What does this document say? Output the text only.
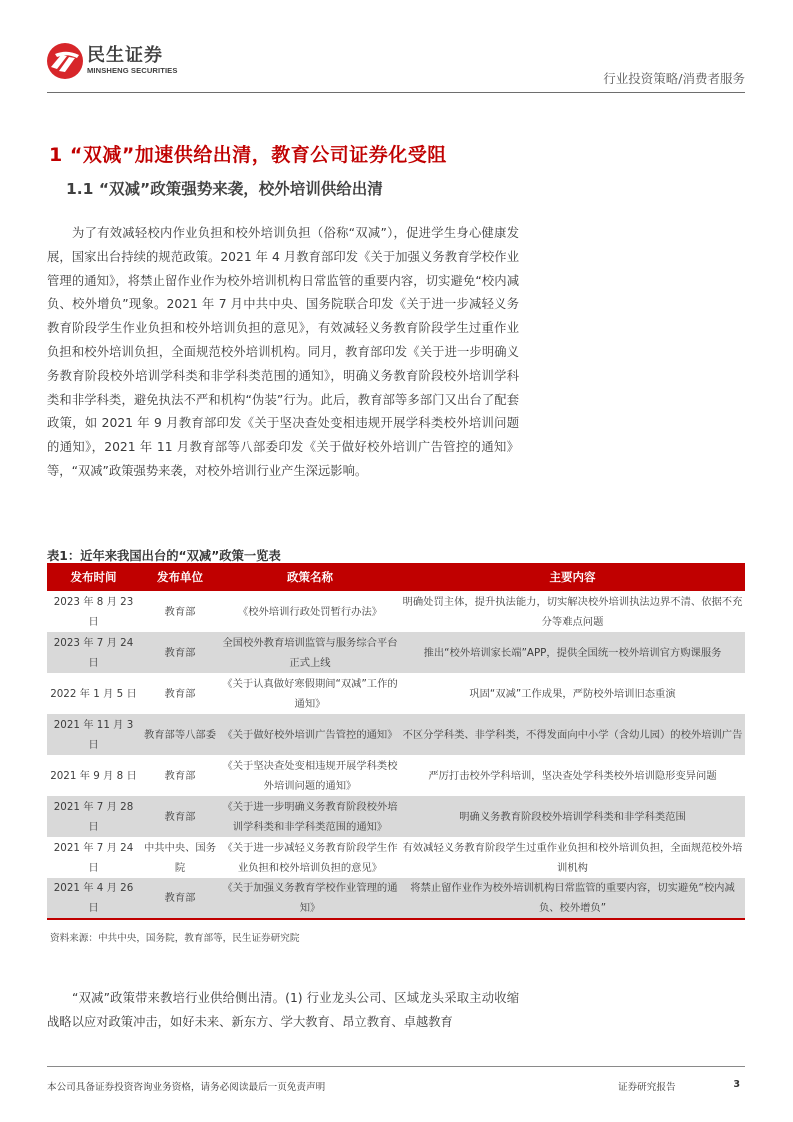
民生证券
MINSHENG SECURITIES
行业投资策略/消费者服务
1 “双减”加速供给出清，教育公司证券化受阻
1.1 “双减”政策强势来袭，校外培训供给出清

为了有效减轻校内作业负担和校外培训负担（俗称“双减”），促进学生身心健康发展，国家出台持续的规范政策。2021 年 4 月教育部印发《关于加强义务教育学校作业管理的通知》，将禁止留作业作为校外培训机构日常监管的重要内容，切实避免“校内减负、校外增负”现象。2021 年 7 月中共中央、国务院联合印发《关于进一步减轻义务教育阶段学生作业负担和校外培训负担的意见》，有效减轻义务教育阶段学生过重作业负担和校外培训负担，全面规范校外培训机构。同月，教育部印发《关于进一步明确义务教育阶段校外培训学科类和非学科类范围的通知》，明确义务教育阶段校外培训学科类和非学科类，避免执法不严和机构“伪装”行为。此后，教育部等多部门又出台了配套政策，如 2021 年 9 月教育部印发《关于坚决查处变相违规开展学科类校外培训问题的通知》，2021 年 11 月教育部等八部委印发《关于做好校外培训广告管控的通知》等，“双减”政策强势来袭，对校外培训行业产生深远影响。

表1：近年来我国出台的“双减”政策一览表
发布时间	发布单位	政策名称	主要内容
2023 年 8 月 23 日	教育部	《校外培训行政处罚暂行办法》	明确处罚主体，提升执法能力，切实解决校外培训执法边界不清、依据不充分等难点问题
2023 年 7 月 24 日	教育部	全国校外教育培训监管与服务综合平台正式上线	推出“校外培训家长端”APP，提供全国统一校外培训官方购课服务
2022 年 1 月 5 日	教育部	《关于认真做好寒假期间“双减”工作的通知》	巩固“双减”工作成果，严防校外培训旧态重演
2021 年 11 月 3 日	教育部等八部委	《关于做好校外培训广告管控的通知》	不区分学科类、非学科类，不得发面向中小学（含幼儿园）的校外培训广告
2021 年 9 月 8 日	教育部	《关于坚决查处变相违规开展学科类校外培训问题的通知》	严厉打击校外学科培训，坚决查处学科类校外培训隐形变异问题
2021 年 7 月 28 日	教育部	《关于进一步明确义务教育阶段校外培训学科类和非学科类范围的通知》	明确义务教育阶段校外培训学科类和非学科类范围
2021 年 7 月 24 日	中共中央、国务院	《关于进一步减轻义务教育阶段学生作业负担和校外培训负担的意见》	有效减轻义务教育阶段学生过重作业负担和校外培训负担，全面规范校外培训机构
2021 年 4 月 26 日	教育部	《关于加强义务教育学校作业管理的通知》	将禁止留作业作为校外培训机构日常监管的重要内容，切实避免“校内减负、校外增负”
资料来源：中共中央，国务院，教育部等，民生证券研究院

“双减”政策带来教培行业供给侧出清。(1) 行业龙头公司、区域龙头采取主动收缩战略以应对政策冲击，如好未来、新东方、学大教育、昂立教育、卓越教育

本公司具备证券投资咨询业务资格，请务必阅读最后一页免责声明	证券研究报告	3
